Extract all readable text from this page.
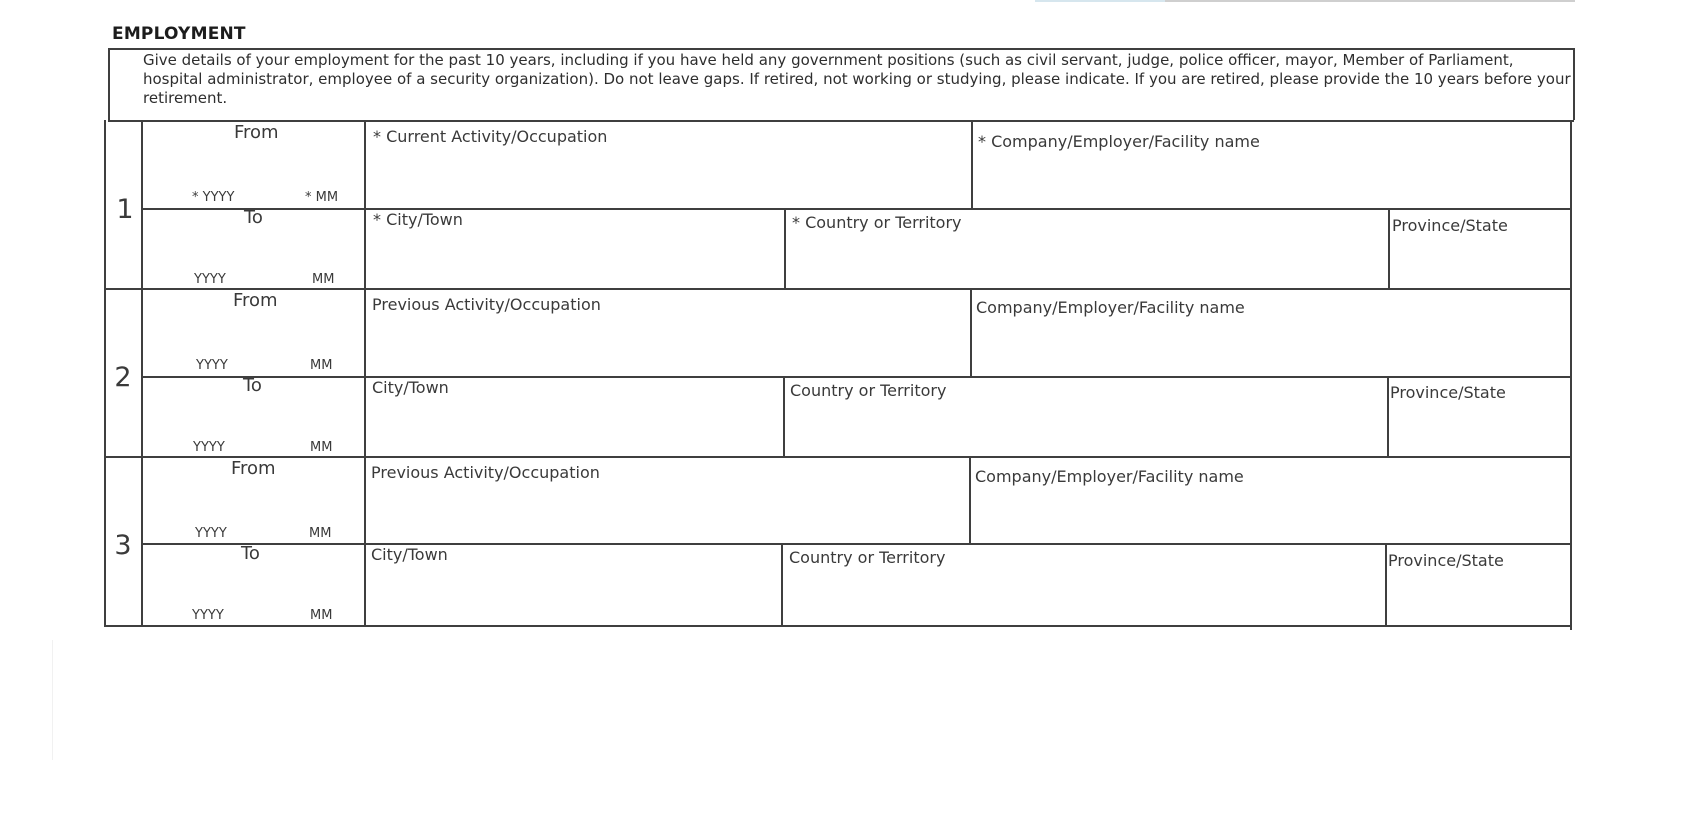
EMPLOYMENT
Give details of your employment for the past 10 years, including if you have held any government positions (such as civil servant, judge, police officer, mayor, Member of Parliament, hospital administrator, employee of a security organization). Do not leave gaps. If retired, not working or studying, please indicate. If you are retired, please provide the 10 years before your retirement.
1
From
* YYYY	* MM
To
YYYY	MM
* Current Activity/Occupation	* Company/Employer/Facility name
* City/Town	* Country or Territory	Province/State
2
From
YYYY	MM
To
YYYY	MM
Previous Activity/Occupation	Company/Employer/Facility name
City/Town	Country or Territory	Province/State
3
From
YYYY	MM
To
YYYY	MM
Previous Activity/Occupation	Company/Employer/Facility name
City/Town	Country or Territory	Province/State
